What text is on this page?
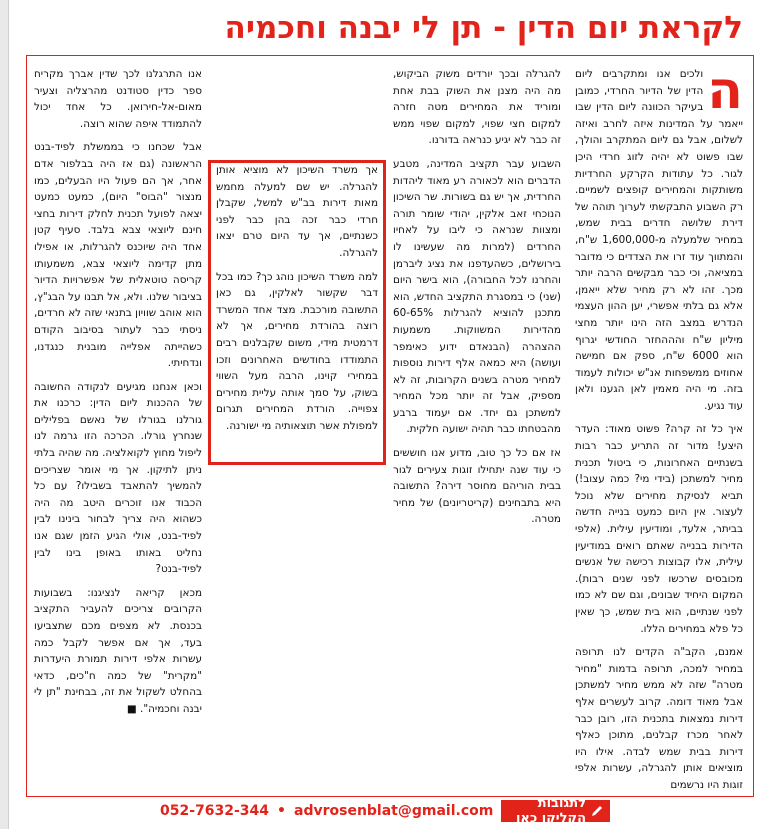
לקראת יום הדין - תן לי יבנה וחכמיה
ה

ולכים אנו ומתקרבים ליום הדין של הדיור החרדי, כמובן בעיקר הכוונה ליום הדין שבו ייאמר על המדינות איזה לחרב ואיזה לשלום, אבל גם ליום המתקרב והולך, שבו פשוט לא יהיה לזוג חרדי היכן לגור. כל עתודות הקרקע החרדיות משותקות והמחירים קופצים לשמיים. רק השבוע התבקשתי לערוך תוהה של דירת שלושה חדרים בבית שמש, במחיר שלמעלה מ-1,600,000 ש"ח, והמתווך עוד זרו את הצדדים כי מדובר במציאה, וכי כבר מבקשים הרבה יותר מכך. זהו לא רק מחיר שלא ייאמן, אלא גם בלתי אפשרי, יען ההון העצמי הנדרש במצב הזה הינו יותר מחצי מיליון ש"ח והההחזר החודשי יגרוף הוא 6000 ש"ח, ספק אם חמישה אחוזים ממשפחות אנ"ש יכולות לעמוד בזה. מי היה מאמין לאן הגענו ולאן עוד נגיע.

איך כל זה קרה? פשוט מאוד: העדר היצע! מדור זה התריע כבר רבות בשנתיים האחרונות, כי ביטול תכנית מחיר למשתכן (בידי מי? כמה עצוב!) תביא לנסיקת מחירים שלא נוכל לעצור. אין היום כמעט בנייה חדשה בביתר, אלעד, ומודיעין עילית. (אלפי הדירות בבנייה שאתם רואים במודיעין עילית, אלו קבוצות רכישה של אנשים מכובסים שרכשו לפני שנים רבות). המקום היחיד שבונים, וגם שם לא כמו לפני שנתיים, הוא בית שמש, כך שאין כל פלא במחירים הללו.

אמנם, הקב"ה הקדים לנו תרופה במחיר למכה, תרופה בדמות "מחיר מטרה" שזה לא ממש מחיר למשתכן אבל מאוד דומה. קרוב לעשרים אלף דירות נמצאות בתכנית הזו, רובן כבר לאחר מכרז קבלנים, מתוכן כאלף דירות בבית שמש לבדה. אילו היו מוציאים אותן להגרלה, עשרות אלפי זוגות היו נרשמים

להגרלה ובכך יורדים משוק הביקוש, מה היה מצנן את השוק בבת אחת ומוריד את המחירים מטה חזרה למקום חצי שפוי, למקום שפוי ממש זה כבר לא יגיע כנראה בדורנו.

השבוע עבר תקציב המדינה, מטבע הדברים הוא לכאורה רע מאוד ליהדות החרדית, אך יש גם בשורות. שר השיכון הנוכחי זאב אלקין, יהודי שומר תורה ומצוות שנראה כי ליבו על לאחיו החרדים (למרות מה שעשינו לו בירושלים, כשהעדפנו את נציג ליברמן והחרנו לכל החבורה), הוא בישר היום (שני) כי במסגרת התקציב החדש, הוא מתכנן להוציא להגרלות 60-65% מהדירות המשווקות. משמעות ההצהרה (הבנאדם ידוע כאימפר ועושה) היא כמאה אלף דירות נוספות למחיר מטרה בשנים הקרובות, זה לא מספיק, אבל זה יותר מכל המחיר למשתכן גם יחד. אם יעמוד ברבע מהבטחתו כבר תהיה ישועה חלקית.

אז אם כל כך טוב, מדוע אנו חוששים כי עוד שנה יתחילו זוגות צעירים לגור בבית הוריהם מחוסר דירה? התשובה היא בתבחינים (קריטריונים) של מחיר מטרה.

אך משרד השיכון לא מוציא אותן להגרלה. יש שם למעלה מחמש מאות דירות בב"ש למשל, שקבלן חרדי כבר זכה בהן כבר לפני כשנתיים, אך עד היום טרם יצאו להגרלה.

למה משרד השיכון נוהג כך? כמו בכל דבר שקשור לאלקין, גם כאן התשובה מורכבת. מצד אחד המשרד רוצה בהורדת מחירים, אך לא דרמטית מידי, משום שקבלנים רבים התמודדו בחודשים האחרונים וזכו במחירי קוינו, הרבה מעל השווי בשוק, על סמך אותה עליית מחירים צפוייה. הורדת המחירים תגרום למפולת אשר תוצאותיה מי ישורנה.

אנו התרגלנו לכך שדין אברך מקריח ספר כדין סטודנט מהרצליה וצעיר מאום-אל-חירואן. כל אחד יכול להתמודד איפה שהוא רוצה.

אבל שכחנו כי בממשלת לפיד-בנט הראשונה (גם אז היה בבלפור אדם אחר, אך הם פעול היו הבעלים, כמו מנצור "הבוס" היום), כמעט כמעט יצאה לפועל תכנית לחלק דירות בחצי חינם ליוצאי צבא בלבד. סעיף קטן אחד היה שיוכנס להגרלות, או אפילו מתן קדימה ליוצאי צבא, משמעותו קריסה טוטאלית של אפשרויות הדיור בציבור שלנו. ולא, אל תבנו על הבג"ץ, הוא אוהב שוויון בתנאי שזה לא חרדים, ניסתי כבר לעתור בסיבוב הקודם כשהייתה אפלייה מובנית כנגדנו, ונדחיתי.

וכאן אנחנו מגיעים לנקודה החשובה של ההכנות ליום הדין: כרכנו את גורלנו בגורלו של נאשם בפלילים שנחרץ גורלו. הכרכה הזו גרמה לנו ליפול מחוץ לקואלציה. מה שהיה בלתי ניתן לתיקון. אך מי אומר שצריכים להמשיך להתאבד בשבילו? עם כל הכבוד אנו זוכרים היטב מה היה כשהוא היה צריך לבחור בינינו לבין לפיד-בנט, אולי הגיע הזמן שגם אנו נחליט באותו באופן בינו לבין לפיד-בנט?

מכאן קריאה לנציגנו: בשבועות הקרובים צריכים להעביר התקציב בכנסת. לא מצפים מכם שתצביעו בעד, אך אם אפשר לקבל כמה עשרות אלפי דירות תמורת היעדרות "מקרית" של כמה ח"כים, כדאי בהחלט לשקול את זה, בבחינת "תן לי יבנה וחכמיה". ■

לתגובות הקליקו כאן
advrosenblat@gmail.com
•
052-7632-344
